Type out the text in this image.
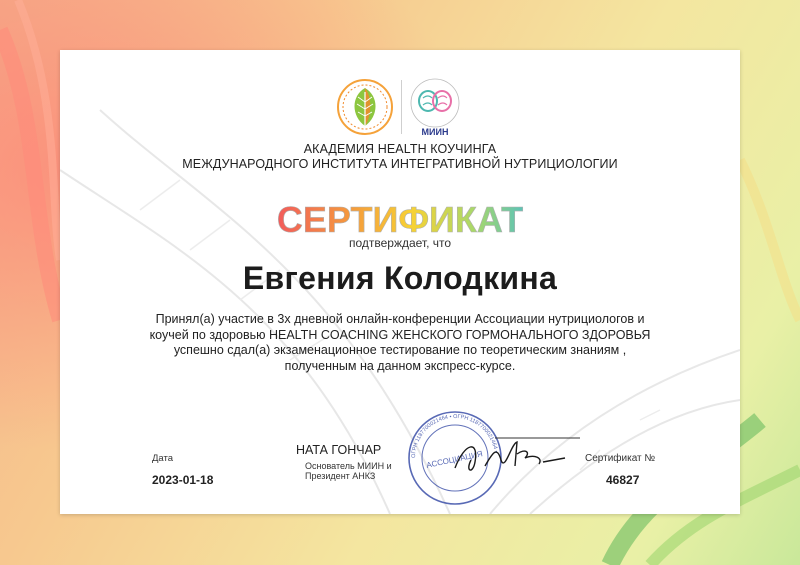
МИИН
АКАДЕМИЯ HEALTH КОУЧИНГА
МЕЖДУНАРОДНОГО ИНСТИТУТА ИНТЕГРАТИВНОЙ НУТРИЦИОЛОГИИ
СЕРТИФИКАТ
подтверждает, что
Евгения Колодкина
Принял(а) участие в 3х дневной онлайн-конференции Ассоциации нутрициологов и
коучей по здоровью HEALTH COACHING ЖЕНСКОГО ГОРМОНАЛЬНОГО ЗДОРОВЬЯ
успешно сдал(а) экзаменационное тестирование по теоретическим знаниям ,
полученным на данном экспресс-курсе.
Дата
2023-01-18
НАТА ГОНЧАР
Основатель МИИН и
Президент АНКЗ
ОГРН 1187700021464 • ОГРН 1187700021464 •
АССОЦИАЦИЯ	Сертификат №
46827
